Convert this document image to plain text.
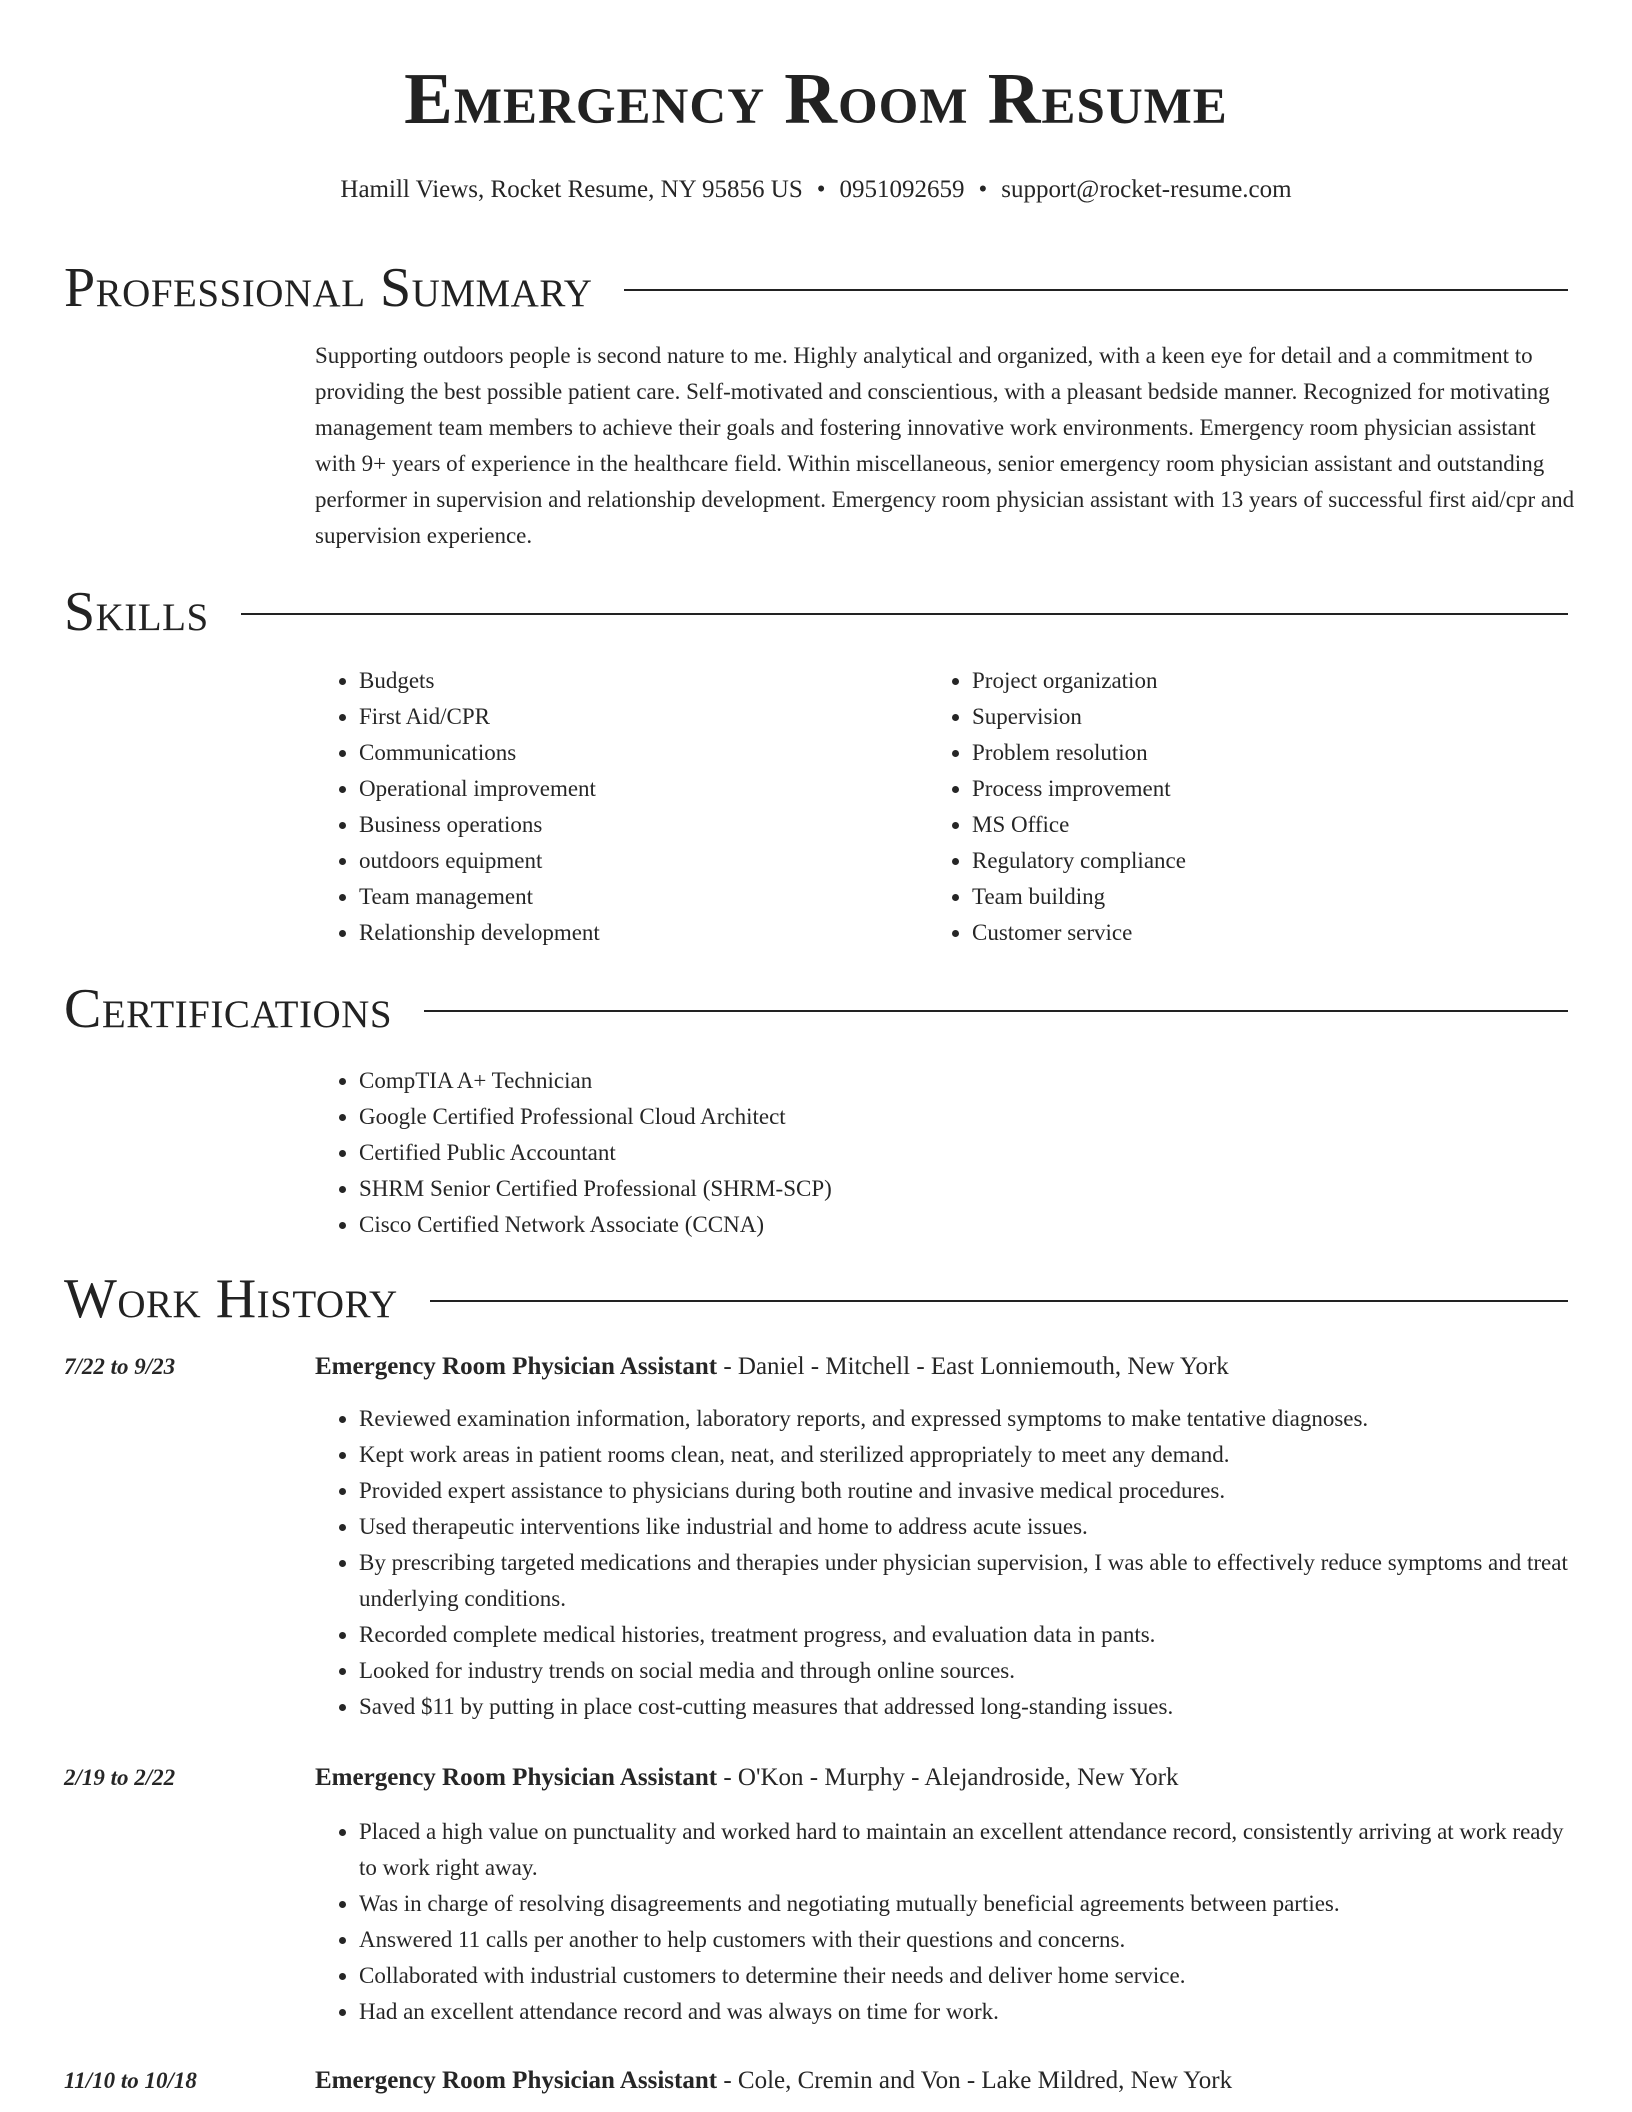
Emergency Room Resume
Hamill Views, Rocket Resume, NY 95856 US • 0951092659 • support@rocket-resume.com
Professional Summary

Supporting outdoors people is second nature to me. Highly analytical and organized, with a keen eye for detail and a commitment to providing the best possible patient care. Self-motivated and conscientious, with a pleasant bedside manner. Recognized for motivating management team members to achieve their goals and fostering innovative work environments. Emergency room physician assistant with 9+ years of experience in the healthcare field. Within miscellaneous, senior emergency room physician assistant and outstanding performer in supervision and relationship development. Emergency room physician assistant with 13 years of successful first aid/cpr and supervision experience.

Skills
• Budgets
• First Aid/CPR
• Communications
• Operational improvement
• Business operations
• outdoors equipment
• Team management
• Relationship development
• Project organization
• Supervision
• Problem resolution
• Process improvement
• MS Office
• Regulatory compliance
• Team building
• Customer service
Certifications
• CompTIA A+ Technician
• Google Certified Professional Cloud Architect
• Certified Public Accountant
• SHRM Senior Certified Professional (SHRM-SCP)
• Cisco Certified Network Associate (CCNA)
Work History
7/22 to 9/23	Emergency Room Physician Assistant - Daniel - Mitchell - East Lonniemouth, New York
• Reviewed examination information, laboratory reports, and expressed symptoms to make tentative diagnoses.
• Kept work areas in patient rooms clean, neat, and sterilized appropriately to meet any demand.
• Provided expert assistance to physicians during both routine and invasive medical procedures.
• Used therapeutic interventions like industrial and home to address acute issues.
• By prescribing targeted medications and therapies under physician supervision, I was able to effectively reduce symptoms and treat underlying conditions.
• Recorded complete medical histories, treatment progress, and evaluation data in pants.
• Looked for industry trends on social media and through online sources.
• Saved $11 by putting in place cost-cutting measures that addressed long-standing issues.
2/19 to 2/22	Emergency Room Physician Assistant - O'Kon - Murphy - Alejandroside, New York
• Placed a high value on punctuality and worked hard to maintain an excellent attendance record, consistently arriving at work ready to work right away.
• Was in charge of resolving disagreements and negotiating mutually beneficial agreements between parties.
• Answered 11 calls per another to help customers with their questions and concerns.
• Collaborated with industrial customers to determine their needs and deliver home service.
• Had an excellent attendance record and was always on time for work.
11/10 to 10/18	Emergency Room Physician Assistant - Cole, Cremin and Von - Lake Mildred, New York
